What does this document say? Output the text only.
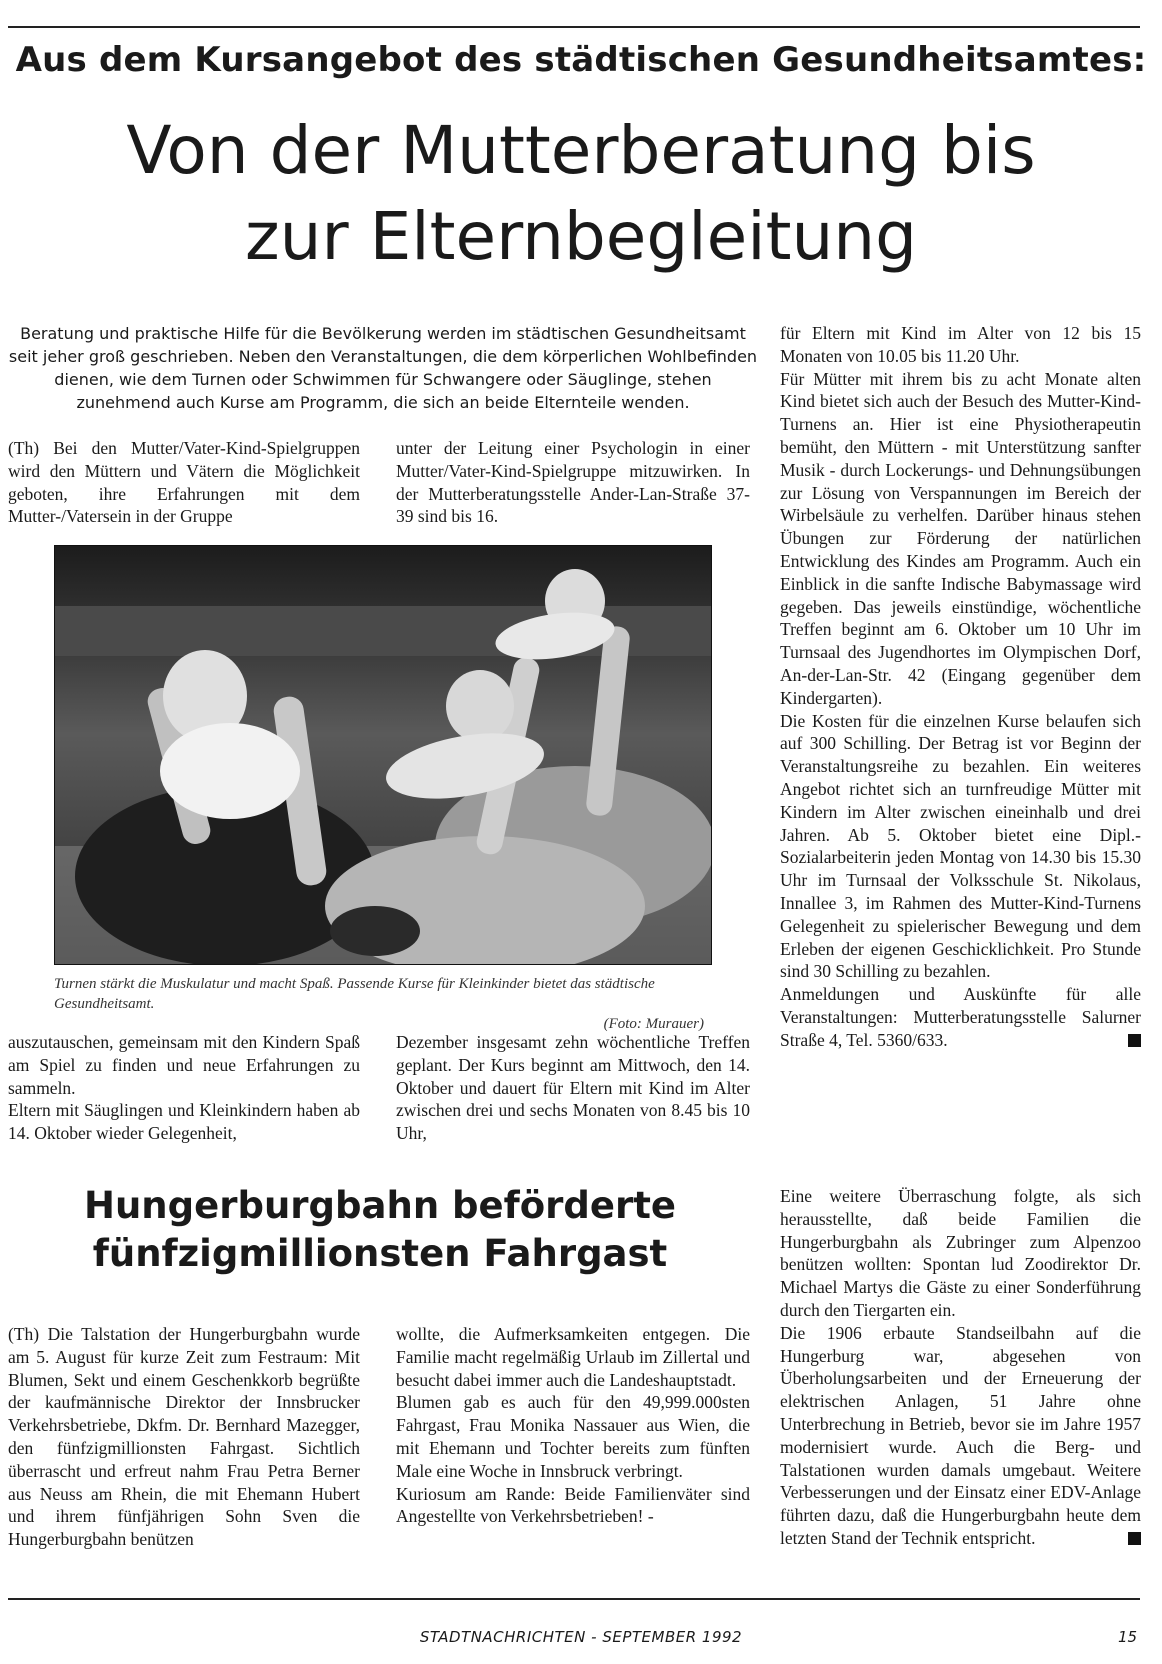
Aus dem Kursangebot des städtischen Gesundheitsamtes:
Von der Mutterberatung bis
zur Elternbegleitung

Beratung und praktische Hilfe für die Bevölkerung werden im städtischen Gesundheitsamt seit jeher groß geschrieben. Neben den Veranstaltungen, die dem körperlichen Wohlbefinden dienen, wie dem Turnen oder Schwimmen für Schwangere oder Säuglinge, stehen zunehmend auch Kurse am Programm, die sich an beide Elternteile wenden.

(Th) Bei den Mutter/Vater-Kind-Spielgruppen wird den Müttern und Vätern die Möglichkeit geboten, ihre Erfahrungen mit dem Mutter-/Vatersein in der Gruppe

unter der Leitung einer Psychologin in einer Mutter/Vater-Kind-Spielgruppe mitzuwirken. In der Mutterberatungsstelle Ander-Lan-Straße 37-39 sind bis 16.

Turnen stärkt die Muskulatur und macht Spaß. Passende Kurse für Kleinkinder bietet das städtische Gesundheitsamt.
(Foto: Murauer)

auszutauschen, gemeinsam mit den Kindern Spaß am Spiel zu finden und neue Erfahrungen zu sammeln.

Eltern mit Säuglingen und Kleinkindern haben ab 14. Oktober wieder Gelegenheit,

Dezember insgesamt zehn wöchentliche Treffen geplant. Der Kurs beginnt am Mittwoch, den 14. Oktober und dauert für Eltern mit Kind im Alter zwischen drei und sechs Monaten von 8.45 bis 10 Uhr,

für Eltern mit Kind im Alter von 12 bis 15 Monaten von 10.05 bis 11.20 Uhr.

Für Mütter mit ihrem bis zu acht Monate alten Kind bietet sich auch der Besuch des Mutter-Kind-Turnens an. Hier ist eine Physiotherapeutin bemüht, den Müttern - mit Unterstützung sanfter Musik - durch Lockerungs- und Dehnungsübungen zur Lösung von Verspannungen im Bereich der Wirbelsäule zu verhelfen. Darüber hinaus stehen Übungen zur Förderung der natürlichen Entwicklung des Kindes am Programm. Auch ein Einblick in die sanfte Indische Babymassage wird gegeben. Das jeweils einstündige, wöchentliche Treffen beginnt am 6. Oktober um 10 Uhr im Turnsaal des Jugendhortes im Olympischen Dorf, An-der-Lan-Str. 42 (Eingang gegenüber dem Kindergarten).

Die Kosten für die einzelnen Kurse belaufen sich auf 300 Schilling. Der Betrag ist vor Beginn der Veranstaltungsreihe zu bezahlen. Ein weiteres Angebot richtet sich an turnfreudige Mütter mit Kindern im Alter zwischen eineinhalb und drei Jahren. Ab 5. Oktober bietet eine Dipl.-Sozialarbeiterin jeden Montag von 14.30 bis 15.30 Uhr im Turnsaal der Volksschule St. Nikolaus, Innallee 3, im Rahmen des Mutter-Kind-Turnens Gelegenheit zu spielerischer Bewegung und dem Erleben der eigenen Geschicklichkeit. Pro Stunde sind 30 Schilling zu bezahlen.

Anmeldungen und Auskünfte für alle Veranstaltungen: Mutterberatungsstelle Salurner Straße 4, Tel. 5360/633.

Hungerburgbahn beförderte
fünfzigmillionsten Fahrgast

(Th) Die Talstation der Hungerburgbahn wurde am 5. August für kurze Zeit zum Festraum: Mit Blumen, Sekt und einem Geschenkkorb begrüßte der kaufmännische Direktor der Innsbrucker Verkehrsbetriebe, Dkfm. Dr. Bernhard Mazegger, den fünfzigmillionsten Fahrgast. Sichtlich überrascht und erfreut nahm Frau Petra Berner aus Neuss am Rhein, die mit Ehemann Hubert und ihrem fünfjährigen Sohn Sven die Hungerburgbahn benützen

wollte, die Aufmerksamkeiten entgegen. Die Familie macht regelmäßig Urlaub im Zillertal und besucht dabei immer auch die Landeshauptstadt.

Blumen gab es auch für den 49,999.000sten Fahrgast, Frau Monika Nassauer aus Wien, die mit Ehemann und Tochter bereits zum fünften Male eine Woche in Innsbruck verbringt.

Kuriosum am Rande: Beide Familienväter sind Angestellte von Verkehrsbetrieben! -

Eine weitere Überraschung folgte, als sich herausstellte, daß beide Familien die Hungerburgbahn als Zubringer zum Alpenzoo benützen wollten: Spontan lud Zoodirektor Dr. Michael Martys die Gäste zu einer Sonderführung durch den Tiergarten ein.

Die 1906 erbaute Standseilbahn auf die Hungerburg war, abgesehen von Überholungsarbeiten und der Erneuerung der elektrischen Anlagen, 51 Jahre ohne Unterbrechung in Betrieb, bevor sie im Jahre 1957 modernisiert wurde. Auch die Berg- und Talstationen wurden damals umgebaut. Weitere Verbesserungen und der Einsatz einer EDV-Anlage führten dazu, daß die Hungerburgbahn heute dem letzten Stand der Technik entspricht.

STADTNACHRICHTEN - SEPTEMBER 1992	15
